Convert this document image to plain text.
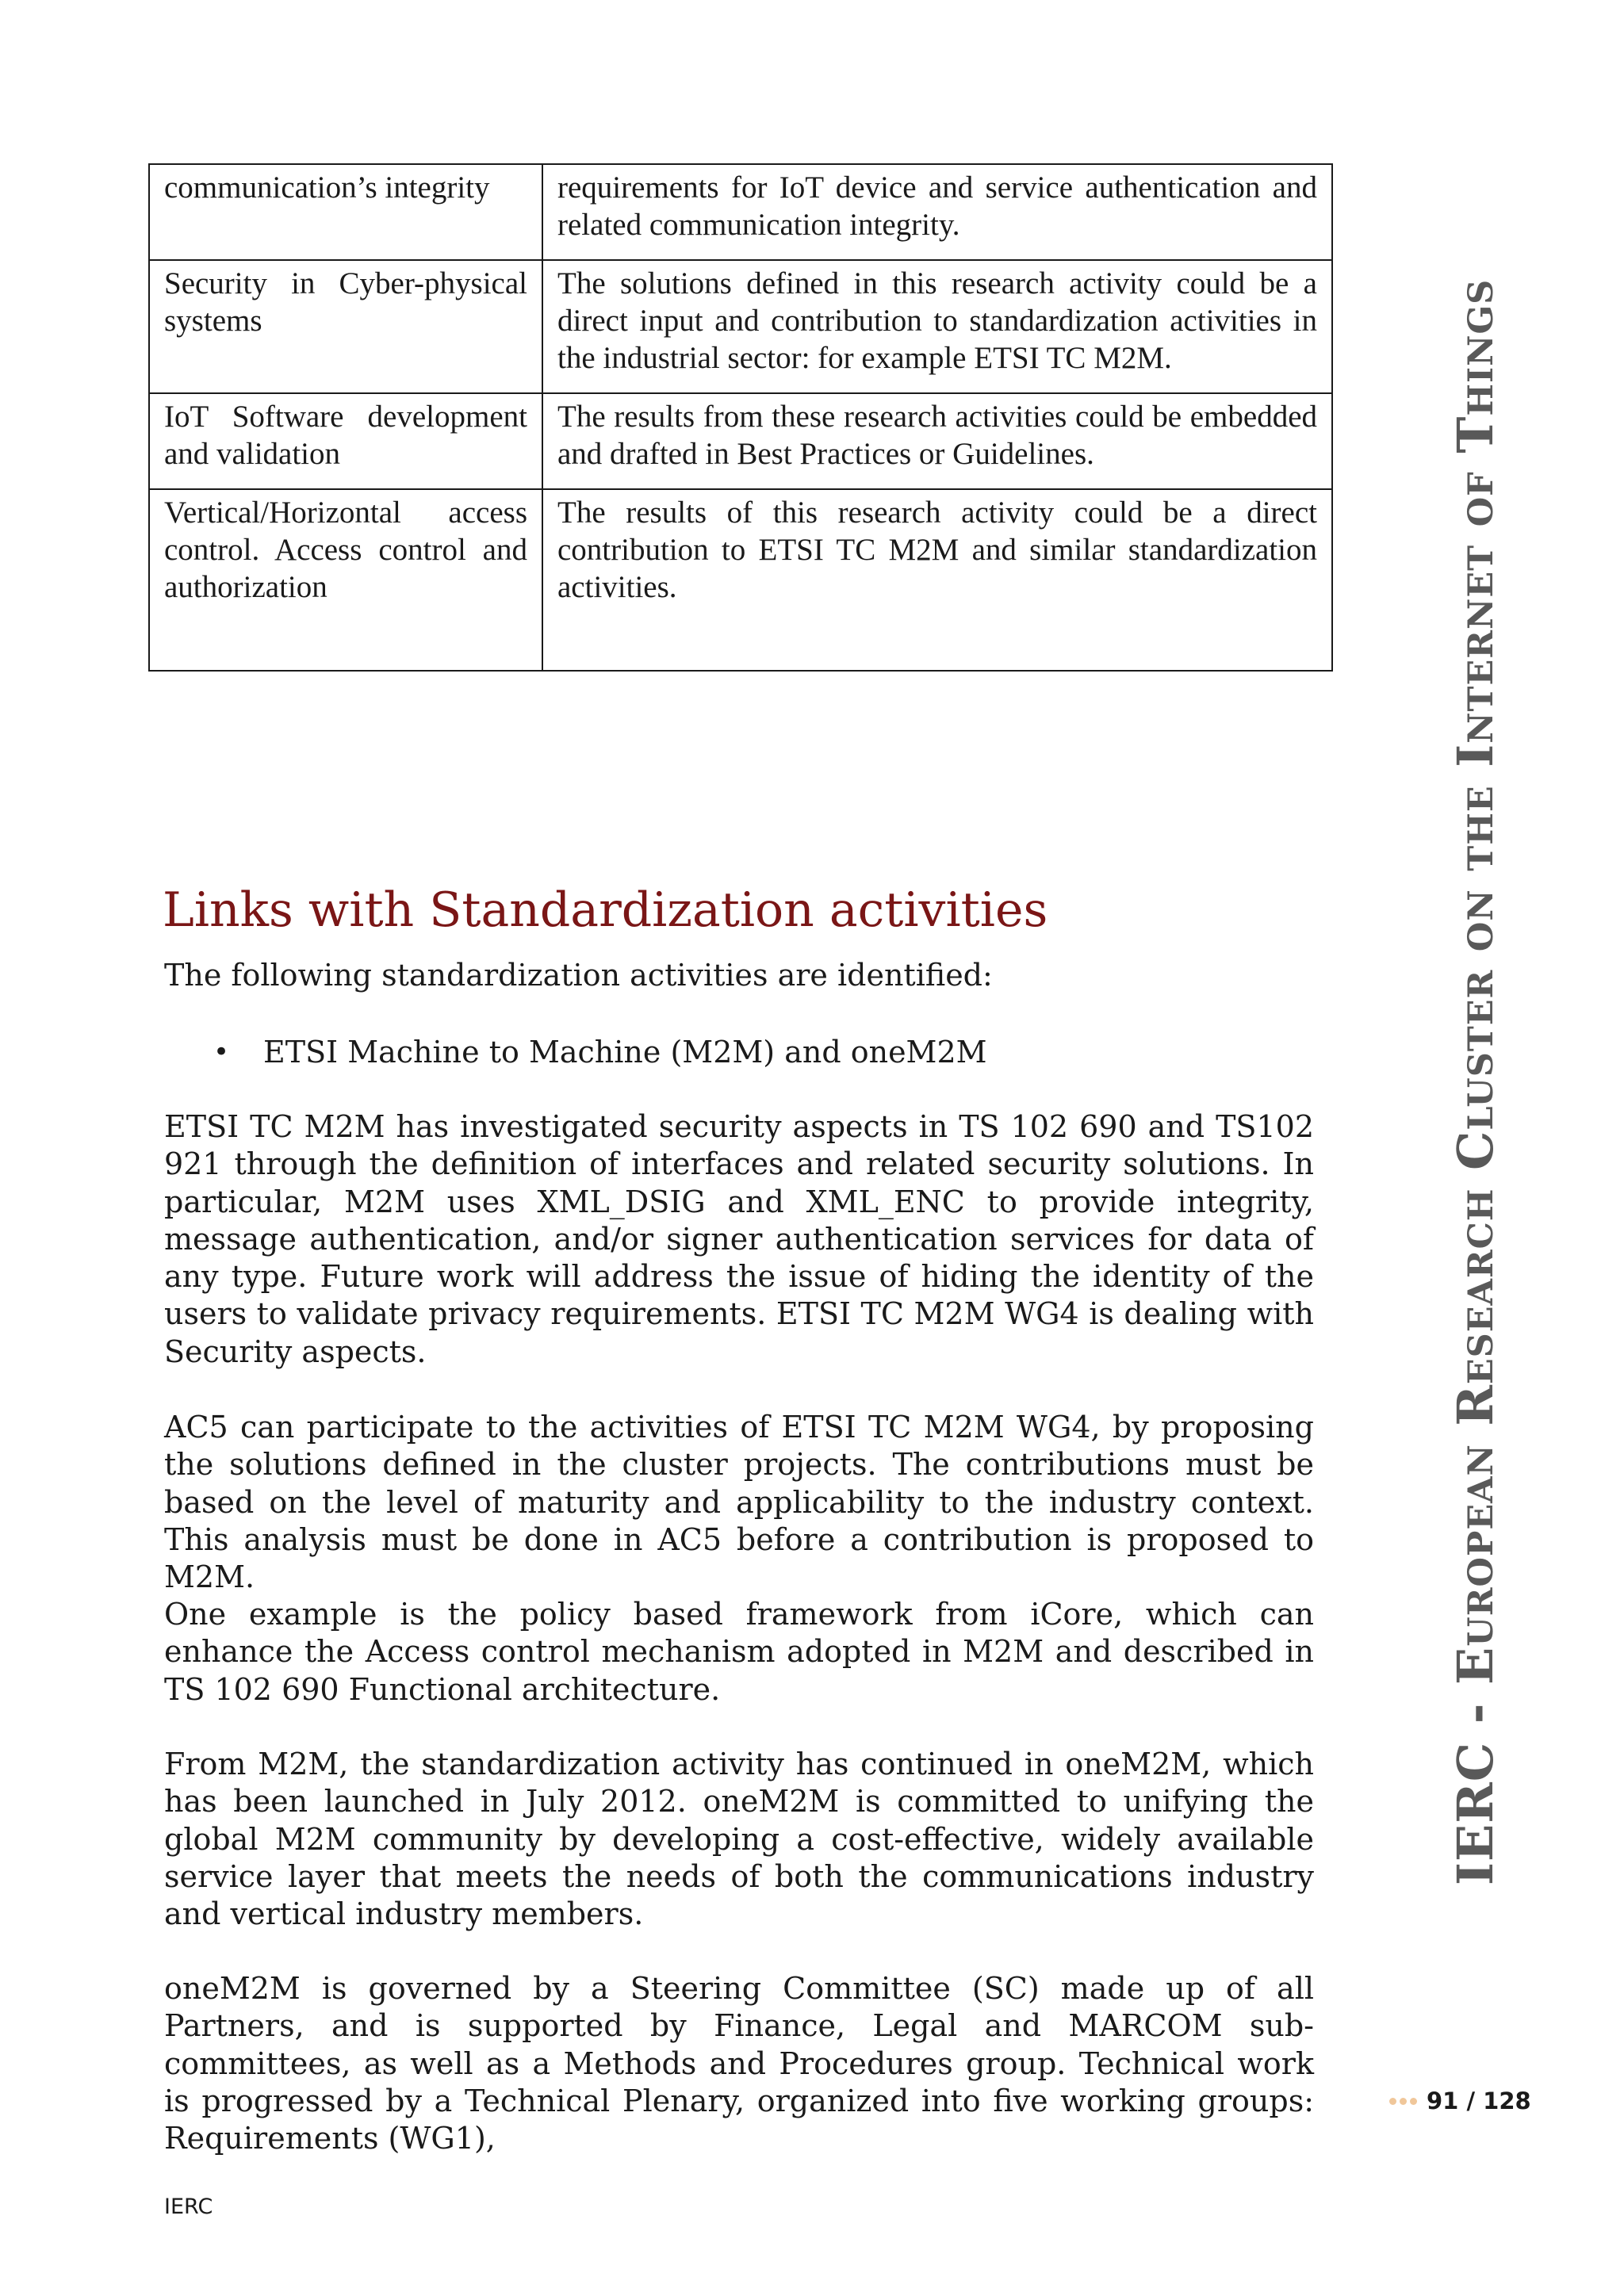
communication’s integrity	requirements for IoT device and service authentication and related communication integrity.
Security in Cyber-physical systems	The solutions defined in this research activity could be a direct input and contribution to standardization activities in the industrial sector: for example ETSI TC M2M.
IoT Software development and validation	The results from these research activities could be embedded and drafted in Best Practices or Guidelines.
Vertical/Horizontal access control. Access control and authorization	The results of this research activity could be a direct contribution to ETSI TC M2M and similar standardization activities.
Links with Standardization activities

The following standardization activities are identified:

• ETSI Machine to Machine (M2M) and oneM2M

ETSI TC M2M has investigated security aspects in TS 102 690 and TS102 921 through the definition of interfaces and related security solutions. In particular, M2M uses XML_DSIG and XML_ENC to provide integrity, message authentication, and/or signer authentication services for data of any type. Future work will address the issue of hiding the identity of the users to validate privacy requirements. ETSI TC M2M WG4 is dealing with Security aspects.

AC5 can participate to the activities of ETSI TC M2M WG4, by proposing the solutions defined in the cluster projects. The contributions must be based on the level of maturity and applicability to the industry context. This analysis must be done in AC5 before a contribution is proposed to M2M.

One example is the policy based framework from iCore, which can enhance the Access control mechanism adopted in M2M and described in TS 102 690 Functional architecture.

From M2M, the standardization activity has continued in oneM2M, which has been launched in July 2012. oneM2M is committed to unifying the global M2M community by developing a cost-effective, widely available service layer that meets the needs of both the communications industry and vertical industry members.

oneM2M is governed by a Steering Committee (SC) made up of all Partners, and is supported by Finance, Legal and MARCOM sub-committees, as well as a Methods and Procedures group. Technical work is progressed by a Technical Plenary, organized into five working groups: Requirements (WG1),

IERC - European Research Cluster on the Internet of Things
91 / 128
IERC
